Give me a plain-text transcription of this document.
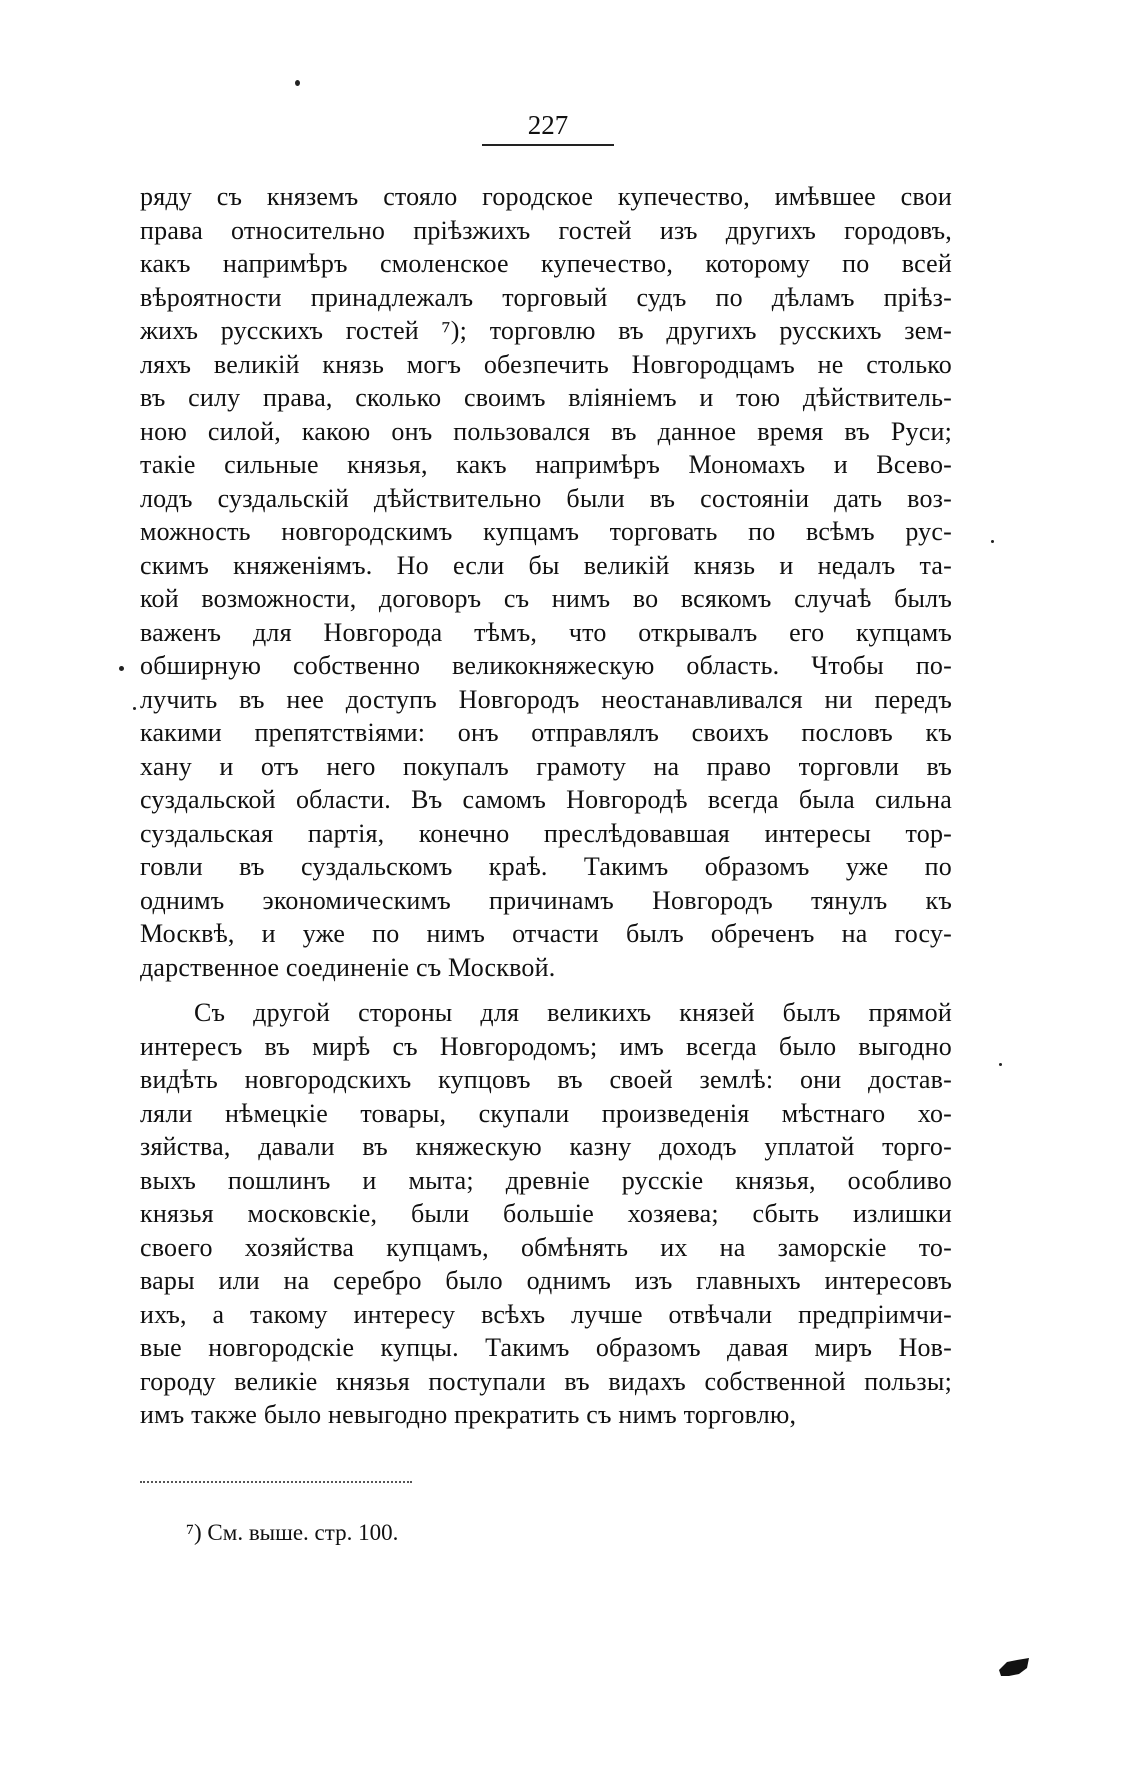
227
ряду съ княземъ стояло городское купечество, имѣвшее свои
права относительно пріѣзжихъ гостей изъ другихъ городовъ,
какъ напримѣръ смоленское купечество, которому по всей
вѣроятности принадлежалъ торговый судъ по дѣламъ пріѣз-
жихъ русскихъ гостей ⁷); торговлю въ другихъ русскихъ зем-
ляхъ великій князь могъ обезпечить Новгородцамъ не столько
въ силу права, сколько своимъ вліяніемъ и тою дѣйствитель-
ною силой, какою онъ пользовался въ данное время въ Руси;
такіе сильные князья, какъ напримѣръ Мономахъ и Всево-
лодъ суздальскій дѣйствительно были въ состояніи дать воз-
можность новгородскимъ купцамъ торговать по всѣмъ рус-
скимъ княженіямъ. Но если бы великій князь и недалъ та-
кой возможности, договоръ съ нимъ во всякомъ случаѣ былъ
важенъ для Новгорода тѣмъ, что открывалъ его купцамъ
обширную собственно великокняжескую область. Чтобы по-
лучить въ нее доступъ Новгородъ неостанавливался ни передъ
какими препятствіями: онъ отправлялъ своихъ пословъ къ
хану и отъ него покупалъ грамоту на право торговли въ
суздальской области. Въ самомъ Новгородѣ всегда была сильна
суздальская партія, конечно преслѣдовавшая интересы тор-
говли въ суздальскомъ краѣ. Такимъ образомъ уже по
однимъ экономическимъ причинамъ Новгородъ тянулъ къ
Москвѣ, и уже по нимъ отчасти былъ обреченъ на госу-
дарственное соединеніе съ Москвой.
Съ другой стороны для великихъ князей былъ прямой
интересъ въ мирѣ съ Новгородомъ; имъ всегда было выгодно
видѣть новгородскихъ купцовъ въ своей землѣ: они достав-
ляли нѣмецкіе товары, скупали произведенія мѣстнаго хо-
зяйства, давали въ княжескую казну доходъ уплатой торго-
выхъ пошлинъ и мыта; древніе русскіе князья, особливо
князья московскіе, были большіе хозяева; сбыть излишки
своего хозяйства купцамъ, обмѣнять их на заморскіе то-
вары или на серебро было однимъ изъ главныхъ интересовъ
ихъ, а такому интересу всѣхъ лучше отвѣчали предпріимчи-
вые новгородскіе купцы. Такимъ образомъ давая миръ Нов-
городу великіе князья поступали въ видахъ собственной пользы;
имъ также было невыгодно прекратить съ нимъ торговлю,
⁷) См. выше. стр. 100.
